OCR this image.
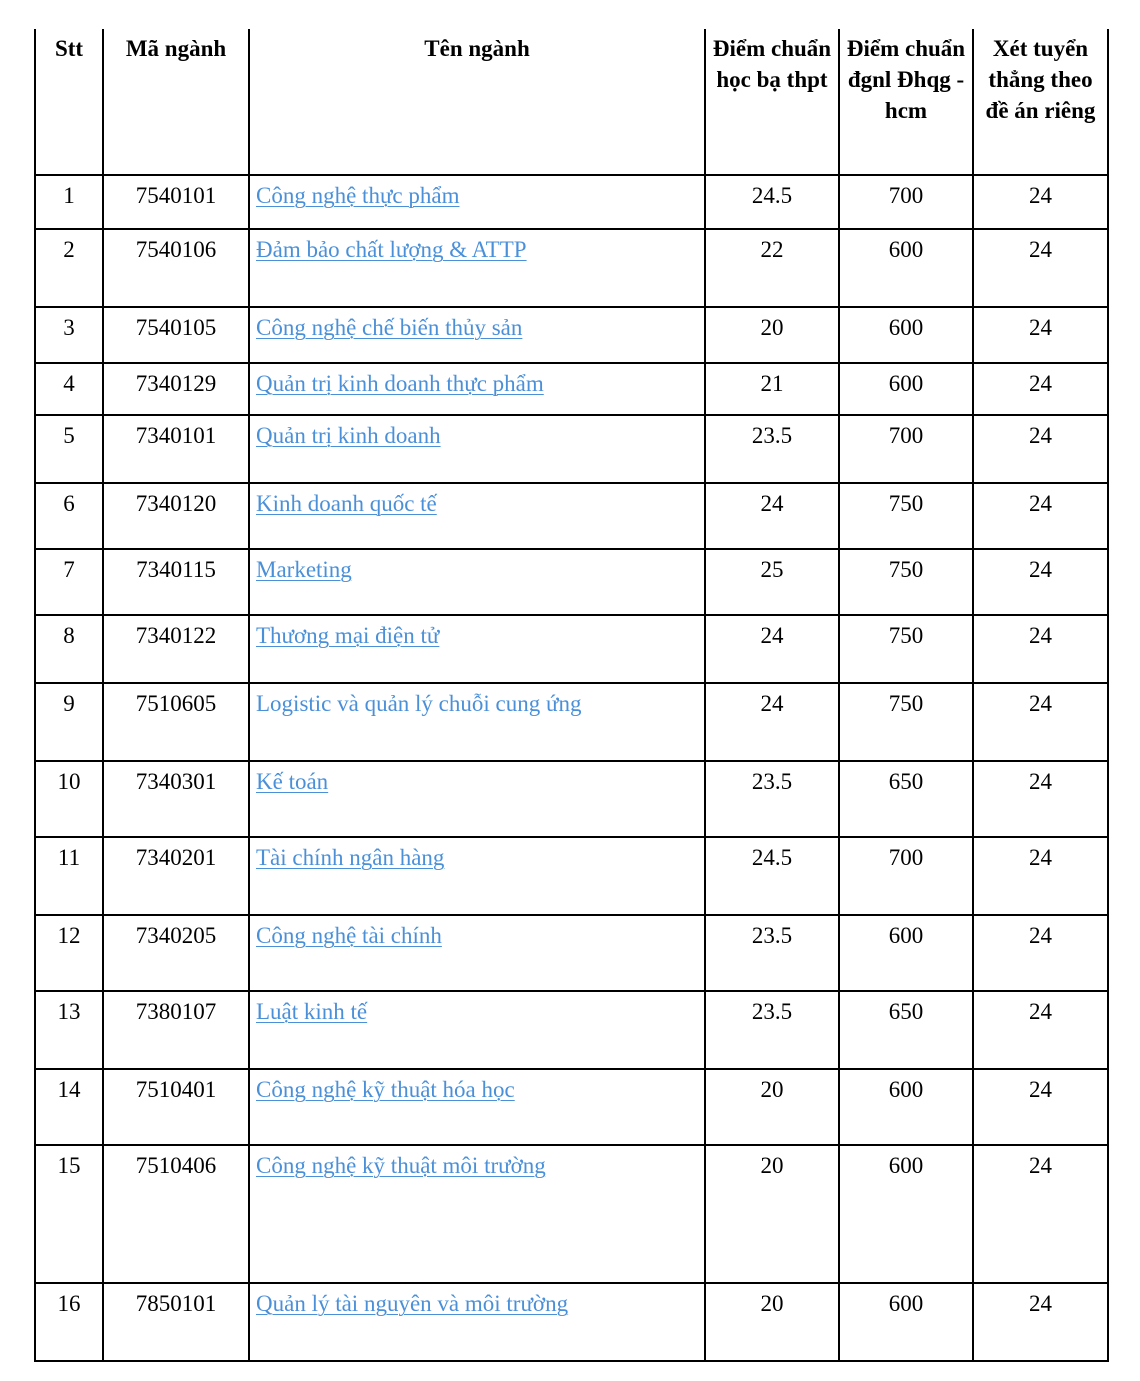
Stt	Mã ngành	Tên ngành	Điểm chuẩn học bạ thpt	Điểm chuẩn đgnl Đhqg - hcm	Xét tuyển thẳng theo đề án riêng
1	7540101	Công nghệ thực phẩm	24.5	700	24
2	7540106	Đảm bảo chất lượng & ATTP	22	600	24
3	7540105	Công nghệ chế biến thủy sản	20	600	24
4	7340129	Quản trị kinh doanh thực phẩm	21	600	24
5	7340101	Quản trị kinh doanh	23.5	700	24
6	7340120	Kinh doanh quốc tế	24	750	24
7	7340115	Marketing	25	750	24
8	7340122	Thương mại điện tử	24	750	24
9	7510605	Logistic và quản lý chuỗi cung ứng	24	750	24
10	7340301	Kế toán	23.5	650	24
11	7340201	Tài chính ngân hàng	24.5	700	24
12	7340205	Công nghệ tài chính	23.5	600	24
13	7380107	Luật kinh tế	23.5	650	24
14	7510401	Công nghệ kỹ thuật hóa học	20	600	24
15	7510406	Công nghệ kỹ thuật môi trường	20	600	24
16	7850101	Quản lý tài nguyên và môi trường	20	600	24
